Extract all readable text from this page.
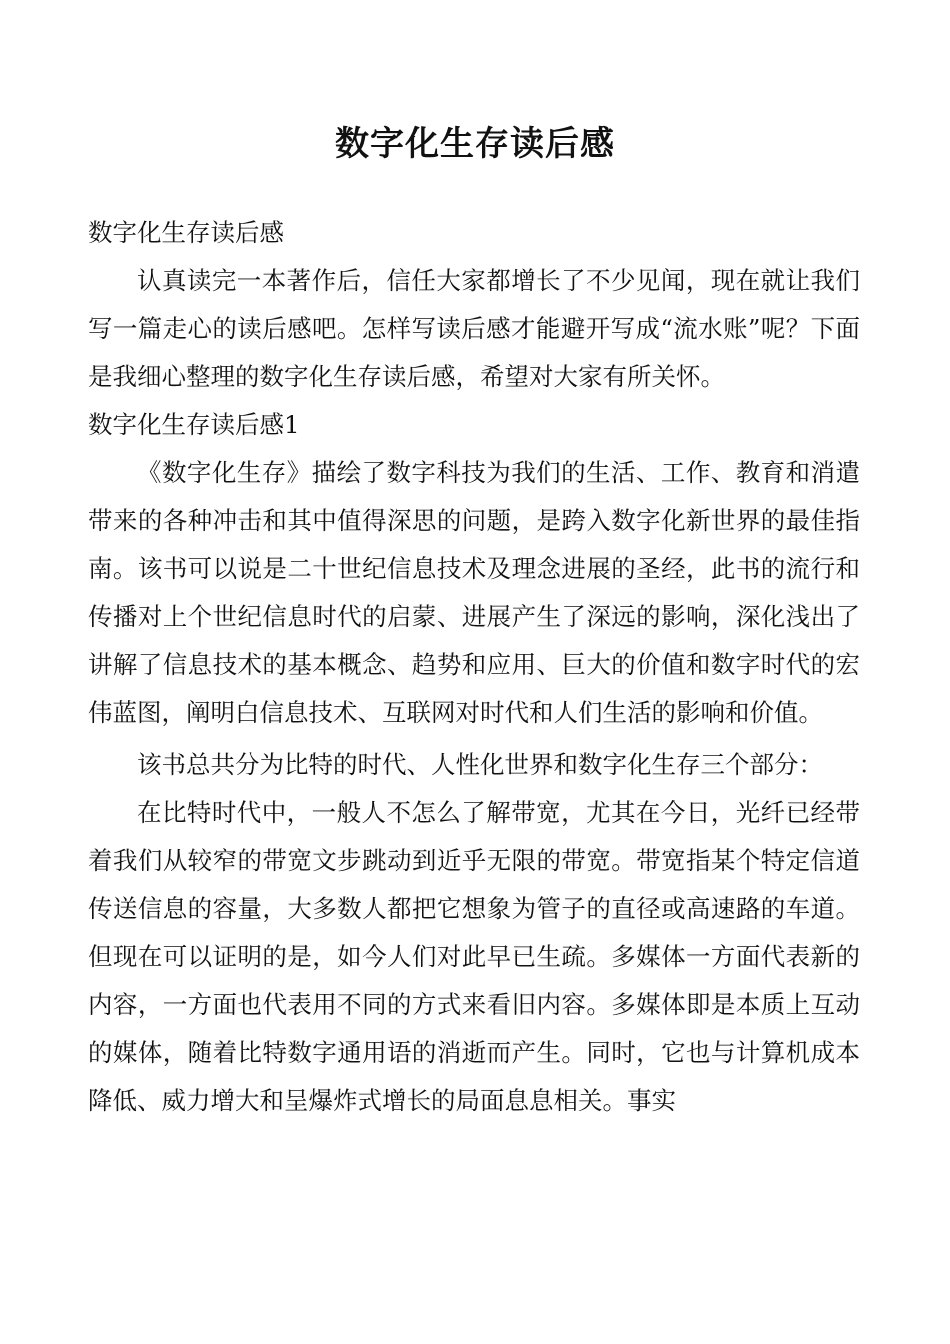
数字化生存读后感

数字化生存读后感

认真读完一本著作后，信任大家都增长了不少见闻，现在就让我们写一篇走心的读后感吧。怎样写读后感才能避开写成“流水账”呢？下面是我细心整理的数字化生存读后感，希望对大家有所关怀。

数字化生存读后感1

《数字化生存》描绘了数字科技为我们的生活、工作、教育和消遣带来的各种冲击和其中值得深思的问题，是跨入数字化新世界的最佳指南。该书可以说是二十世纪信息技术及理念进展的圣经，此书的流行和传播对上个世纪信息时代的启蒙、进展产生了深远的影响，深化浅出了讲解了信息技术的基本概念、趋势和应用、巨大的价值和数字时代的宏伟蓝图，阐明白信息技术、互联网对时代和人们生活的影响和价值。

该书总共分为比特的时代、人性化世界和数字化生存三个部分：

在比特时代中，一般人不怎么了解带宽，尤其在今日，光纤已经带着我们从较窄的带宽文步跳动到近乎无限的带宽。带宽指某个特定信道传送信息的容量，大多数人都把它想象为管子的直径或高速路的车道。但现在可以证明的是，如今人们对此早已生疏。多媒体一方面代表新的内容，一方面也代表用不同的方式来看旧内容。多媒体即是本质上互动的媒体，随着比特数字通用语的消逝而产生。同时，它也与计算机成本降低、威力增大和呈爆炸式增长的局面息息相关。事实
